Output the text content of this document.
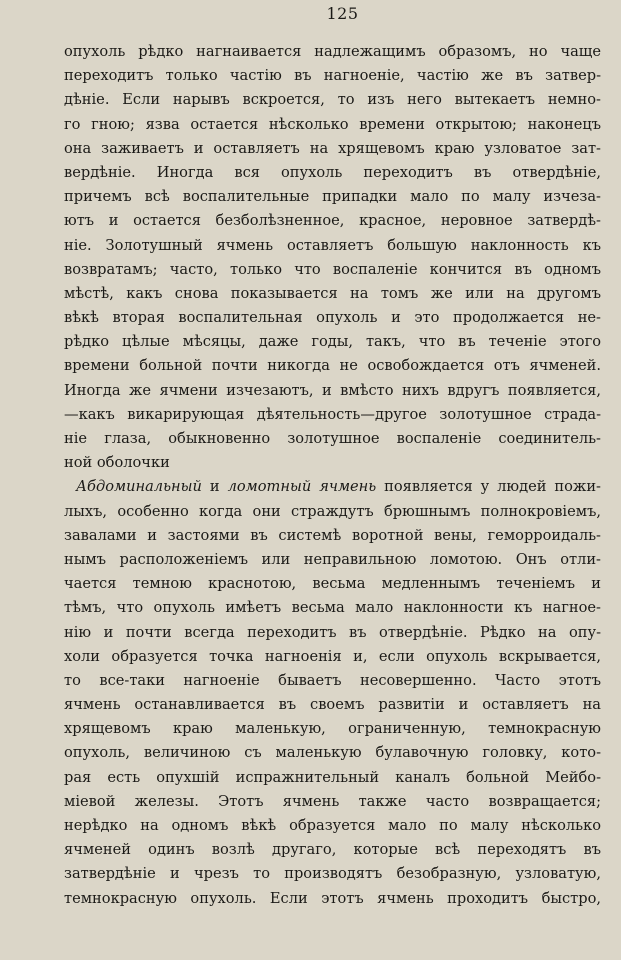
125
опухоль рѣдко нагнаивается надлежащимъ образомъ, но чаще
переходитъ только частію въ нагноеніе, частію же въ затвер-
дѣніе. Если нарывъ вскроется, то изъ него вытекаетъ немно-
го гною; язва остается нѣсколько времени открытою; наконецъ
она заживаетъ и оставляетъ на хрящевомъ краю узловатое зат-
вердѣніе. Иногда вся опухоль переходитъ въ отвердѣніе,
причемъ всѣ воспалительные припадки мало по малу изчеза-
ютъ и остается безболѣзненное, красное, неровное затвердѣ-
ніе. Золотушный ячмень оставляетъ большую наклонность къ
возвратамъ; часто, только что воспаленіе кончится въ одномъ
мѣстѣ, какъ снова показывается на томъ же или на другомъ
вѣкѣ вторая воспалительная опухоль и это продолжается не-
рѣдко цѣлые мѣсяцы, даже годы, такъ, что въ теченіе этого
времени больной почти никогда не освобождается отъ ячменей.
Иногда же ячмени изчезаютъ, и вмѣсто нихъ вдругъ появляется,
—какъ викарирующая дѣятельность—другое золотушное страда-
ніе глаза, обыкновенно золотушное воспаленіе соединитель-
ной оболочки
Абдоминальный и ломотный ячмень появляется у людей пожи-
лыхъ, особенно когда они страждутъ брюшнымъ полнокровіемъ,
завалами и застоями въ системѣ воротной вены, геморроидаль-
нымъ расположеніемъ или неправильною ломотою. Онъ отли-
чается темною краснотою, весьма медленнымъ теченіемъ и
тѣмъ, что опухоль имѣетъ весьма мало наклонности къ нагное-
нію и почти всегда переходитъ въ отвердѣніе. Рѣдко на опу-
холи образуется точка нагноенія и, если опухоль вскрывается,
то все-таки нагноеніе бываетъ несовершенно. Часто этотъ
ячмень останавливается въ своемъ развитіи и оставляетъ на
хрящевомъ краю маленькую, ограниченную, темнокрасную
опухоль, величиною съ маленькую булавочную головку, кото-
рая есть опухшій испражнительный каналъ больной Мейбо-
міевой железы. Этотъ ячмень также часто возвращается;
нерѣдко на одномъ вѣкѣ образуется мало по малу нѣсколько
ячменей одинъ возлѣ другаго, которые всѣ переходятъ въ
затвердѣніе и чрезъ то производятъ безобразную, узловатую,
темнокрасную опухоль. Если этотъ ячмень проходитъ быстро,
